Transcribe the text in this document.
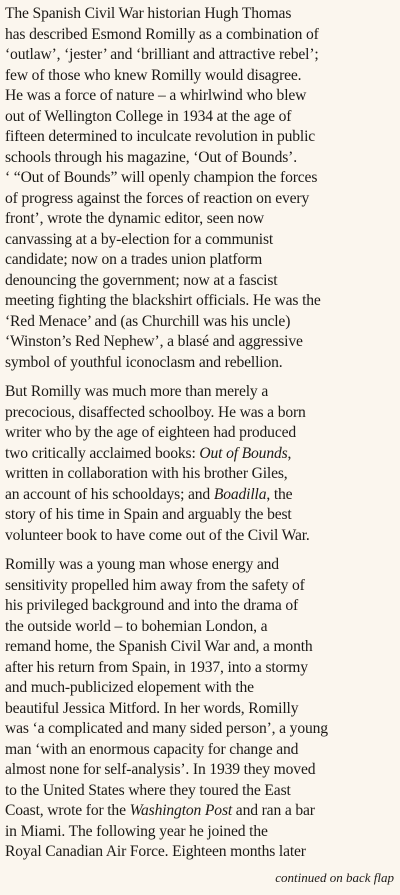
The Spanish Civil War historian Hugh Thomas
has described Esmond Romilly as a combination of
‘outlaw’, ‘jester’ and ‘brilliant and attractive rebel’;
few of those who knew Romilly would disagree.
He was a force of nature – a whirlwind who blew
out of Wellington College in 1934 at the age of
fifteen determined to inculcate revolution in public
schools through his magazine, ‘Out of Bounds’.
‘ “Out of Bounds” will openly champion the forces
of progress against the forces of reaction on every
front’, wrote the dynamic editor, seen now
canvassing at a by-election for a communist
candidate; now on a trades union platform
denouncing the government; now at a fascist
meeting fighting the blackshirt officials. He was the
‘Red Menace’ and (as Churchill was his uncle)
‘Winston’s Red Nephew’, a blasé and aggressive
symbol of youthful iconoclasm and rebellion.
But Romilly was much more than merely a
precocious, disaffected schoolboy. He was a born
writer who by the age of eighteen had produced
two critically acclaimed books: Out of Bounds,
written in collaboration with his brother Giles,
an account of his schooldays; and Boadilla, the
story of his time in Spain and arguably the best
volunteer book to have come out of the Civil War.
Romilly was a young man whose energy and
sensitivity propelled him away from the safety of
his privileged background and into the drama of
the outside world – to bohemian London, a
remand home, the Spanish Civil War and, a month
after his return from Spain, in 1937, into a stormy
and much-publicized elopement with the
beautiful Jessica Mitford. In her words, Romilly
was ‘a complicated and many sided person’, a young
man ‘with an enormous capacity for change and
almost none for self-analysis’. In 1939 they moved
to the United States where they toured the East
Coast, wrote for the Washington Post and ran a bar
in Miami. The following year he joined the
Royal Canadian Air Force. Eighteen months later
continued on back flap
